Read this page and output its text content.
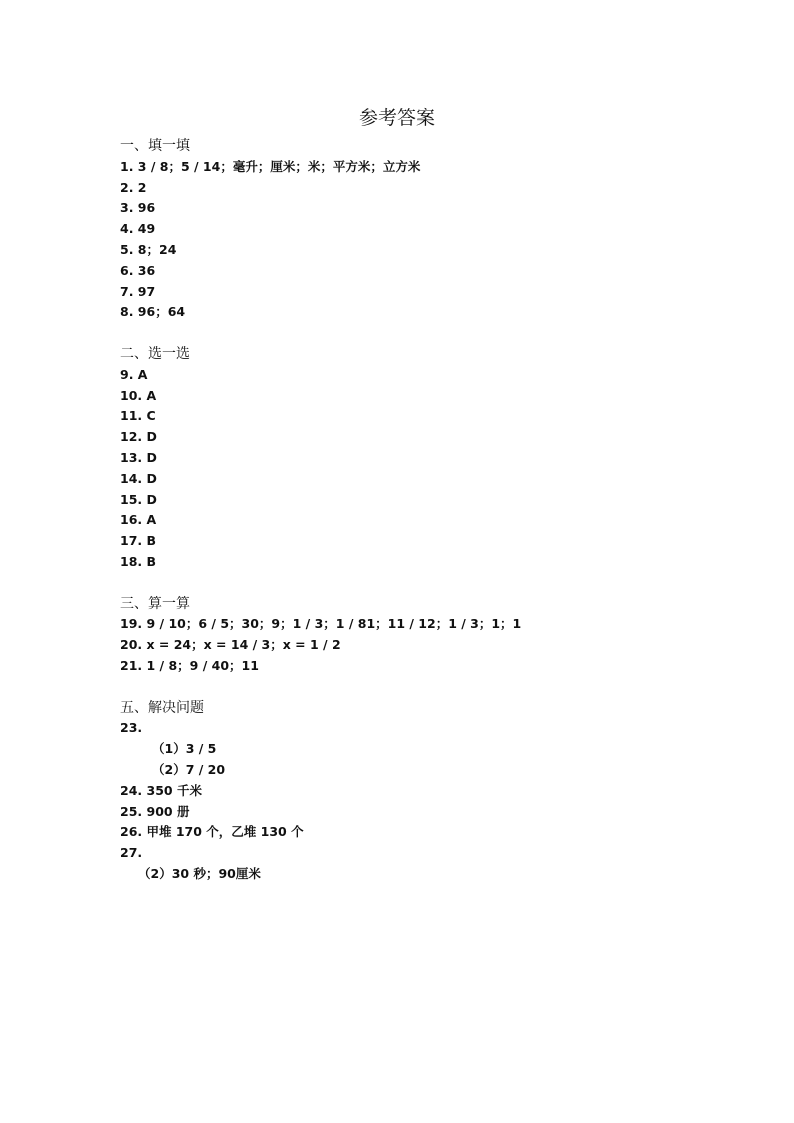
参考答案
一、填一填
1. 3 / 8；5 / 14；毫升；厘米；米；平方米；立方米
2. 2
3. 96
4. 49
5. 8；24
6. 36
7. 97
8. 96；64
二、选一选
9. A
10. A
11. C
12. D
13. D
14. D
15. D
16. A
17. B
18. B
三、算一算
19. 9 / 10；6 / 5；30；9；1 / 3；1 / 81；11 / 12；1 / 3；1；1
20. x = 24；x = 14 / 3；x = 1 / 2
21. 1 / 8；9 / 40；11
五、解决问题
23.
（1）3 / 5
（2）7 / 20
24. 350 千米
25. 900 册
26. 甲堆 170 个，乙堆 130 个
27.
（2）30 秒；90厘米
